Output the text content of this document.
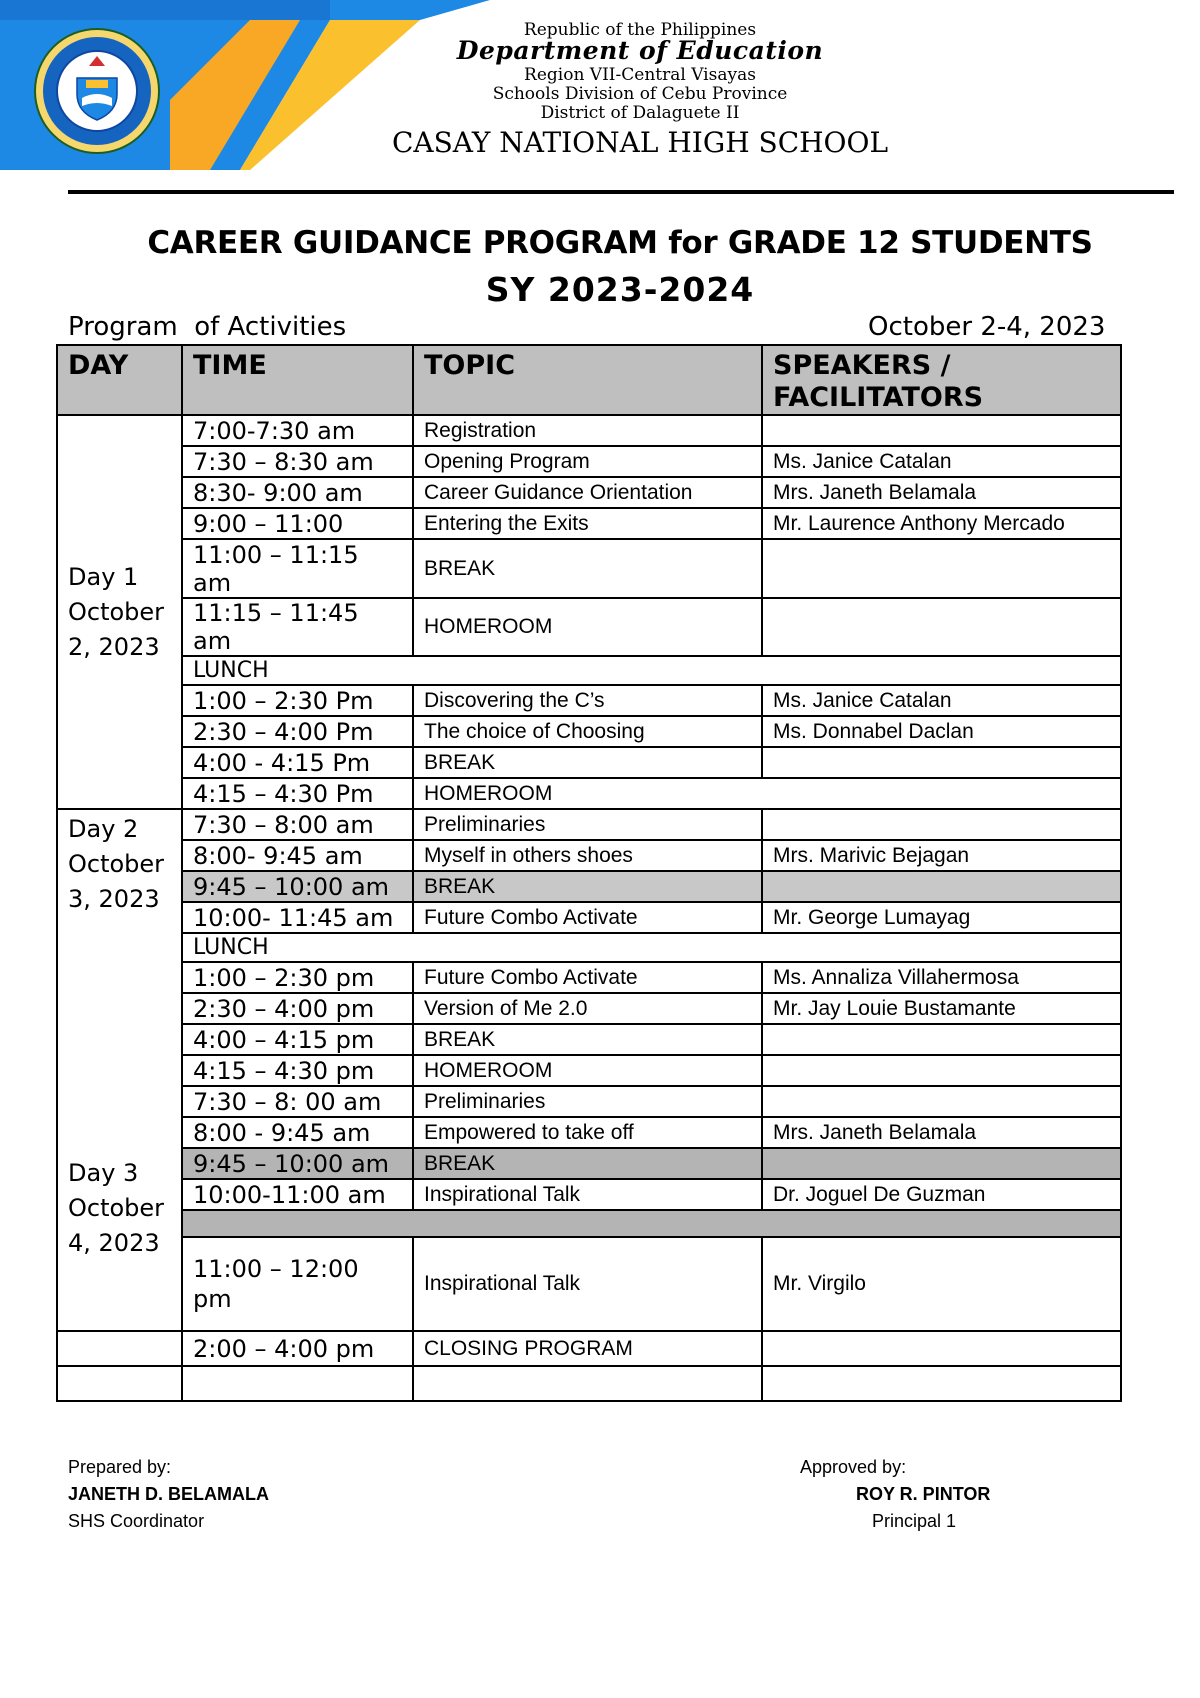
Republic of the Philippines
Department of Education
Region VII-Central Visayas
Schools Division of Cebu Province
District of Dalaguete II
CASAY NATIONAL HIGH SCHOOL
CAREER GUIDANCE PROGRAM for GRADE 12 STUDENTS
SY 2023-2024
Program  of Activities	October 2-4, 2023
DAY	TIME	TOPIC	SPEAKERS /
FACILITATORS
Day 1
October
2, 2023	7:00-7:30 am	Registration	
	7:30 – 8:30 am	Opening Program	Ms. Janice Catalan
	8:30- 9:00 am	Career Guidance Orientation	Mrs. Janeth Belamala
	9:00 – 11:00	Entering the Exits	Mr. Laurence Anthony Mercado
	11:00 – 11:15 am	BREAK	
	11:15 – 11:45 am	HOMEROOM	
	LUNCH		
	1:00 – 2:30 Pm	Discovering the C’s	Ms. Janice Catalan
	2:30 – 4:00 Pm	The choice of Choosing	Ms. Donnabel Daclan
	4:00 - 4:15 Pm	BREAK	
	4:15 – 4:30 Pm	HOMEROOM	
Day 2
October
3, 2023	7:30 – 8:00 am	Preliminaries	
	8:00- 9:45 am	Myself in others shoes	Mrs. Marivic Bejagan
	9:45 – 10:00 am	BREAK	
	10:00- 11:45 am	Future Combo Activate	Mr. George Lumayag
	LUNCH		
	1:00 – 2:30 pm	Future Combo Activate	Ms. Annaliza Villahermosa
	2:30 – 4:00 pm	Version of Me 2.0	Mr. Jay Louie Bustamante
	4:00 – 4:15 pm	BREAK	
	4:15 – 4:30 pm	HOMEROOM	
Day 3
October
4, 2023	7:30 – 8: 00 am	Preliminaries	
	8:00 - 9:45 am	Empowered to take off	Mrs. Janeth Belamala
	9:45 – 10:00 am	BREAK	
	10:00-11:00 am	Inspirational Talk	Dr. Joguel De Guzman

	11:00 – 12:00 pm	Inspirational Talk	Mr. Virgilo
	2:00 – 4:00 pm	CLOSING PROGRAM	

Prepared by:
JANETH D. BELAMALA
SHS Coordinator
Approved by:
ROY R. PINTOR
Principal 1
